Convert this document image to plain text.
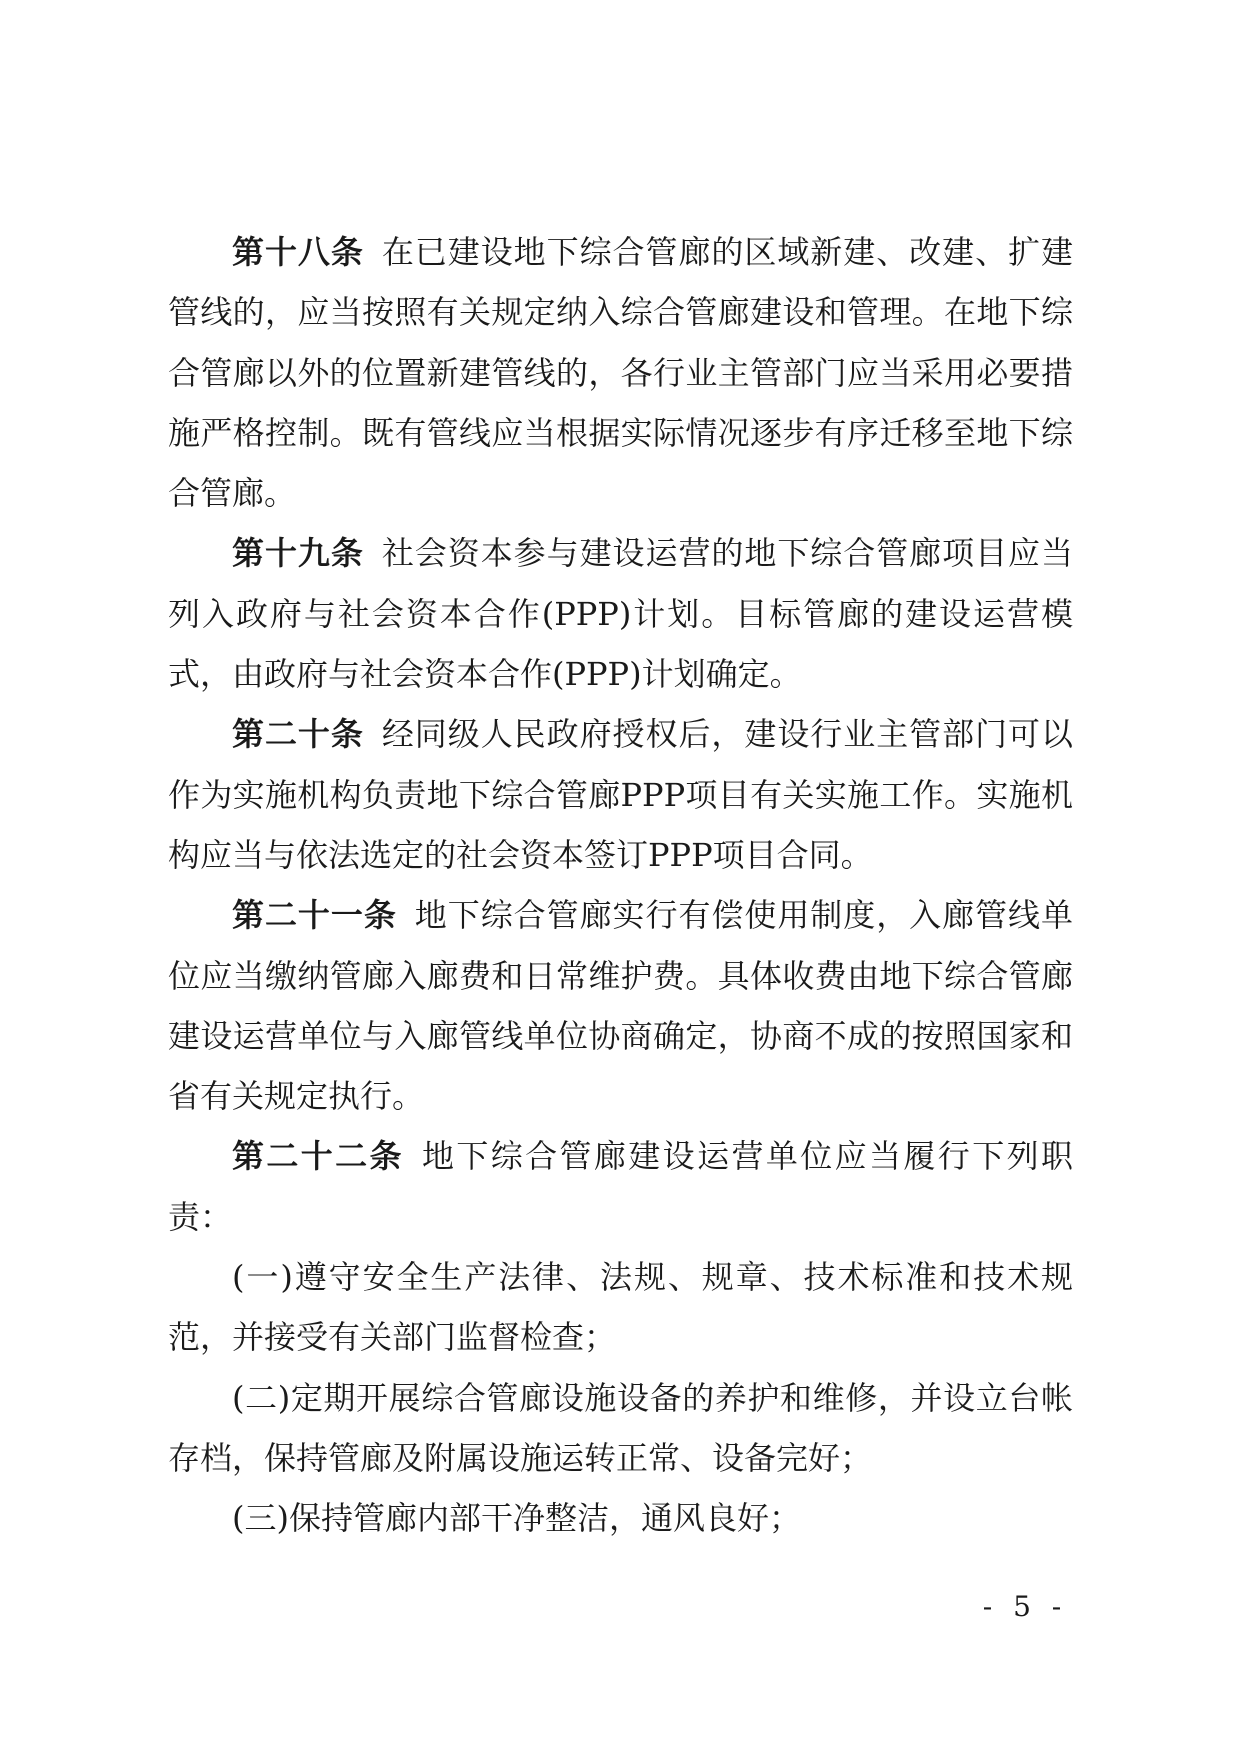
第十八条 在已建设地下综合管廊的区域新建、改建、扩建管线的，应当按照有关规定纳入综合管廊建设和管理。在地下综合管廊以外的位置新建管线的，各行业主管部门应当采用必要措施严格控制。既有管线应当根据实际情况逐步有序迁移至地下综合管廊。

第十九条 社会资本参与建设运营的地下综合管廊项目应当列入政府与社会资本合作(PPP)计划。目标管廊的建设运营模式，由政府与社会资本合作(PPP)计划确定。

第二十条 经同级人民政府授权后，建设行业主管部门可以作为实施机构负责地下综合管廊PPP项目有关实施工作。实施机构应当与依法选定的社会资本签订PPP项目合同。

第二十一条 地下综合管廊实行有偿使用制度，入廊管线单位应当缴纳管廊入廊费和日常维护费。具体收费由地下综合管廊建设运营单位与入廊管线单位协商确定，协商不成的按照国家和省有关规定执行。

第二十二条 地下综合管廊建设运营单位应当履行下列职责：

(一)遵守安全生产法律、法规、规章、技术标准和技术规范，并接受有关部门监督检查；

(二)定期开展综合管廊设施设备的养护和维修，并设立台帐存档，保持管廊及附属设施运转正常、设备完好；

(三)保持管廊内部干净整洁，通风良好；

- 5 -
